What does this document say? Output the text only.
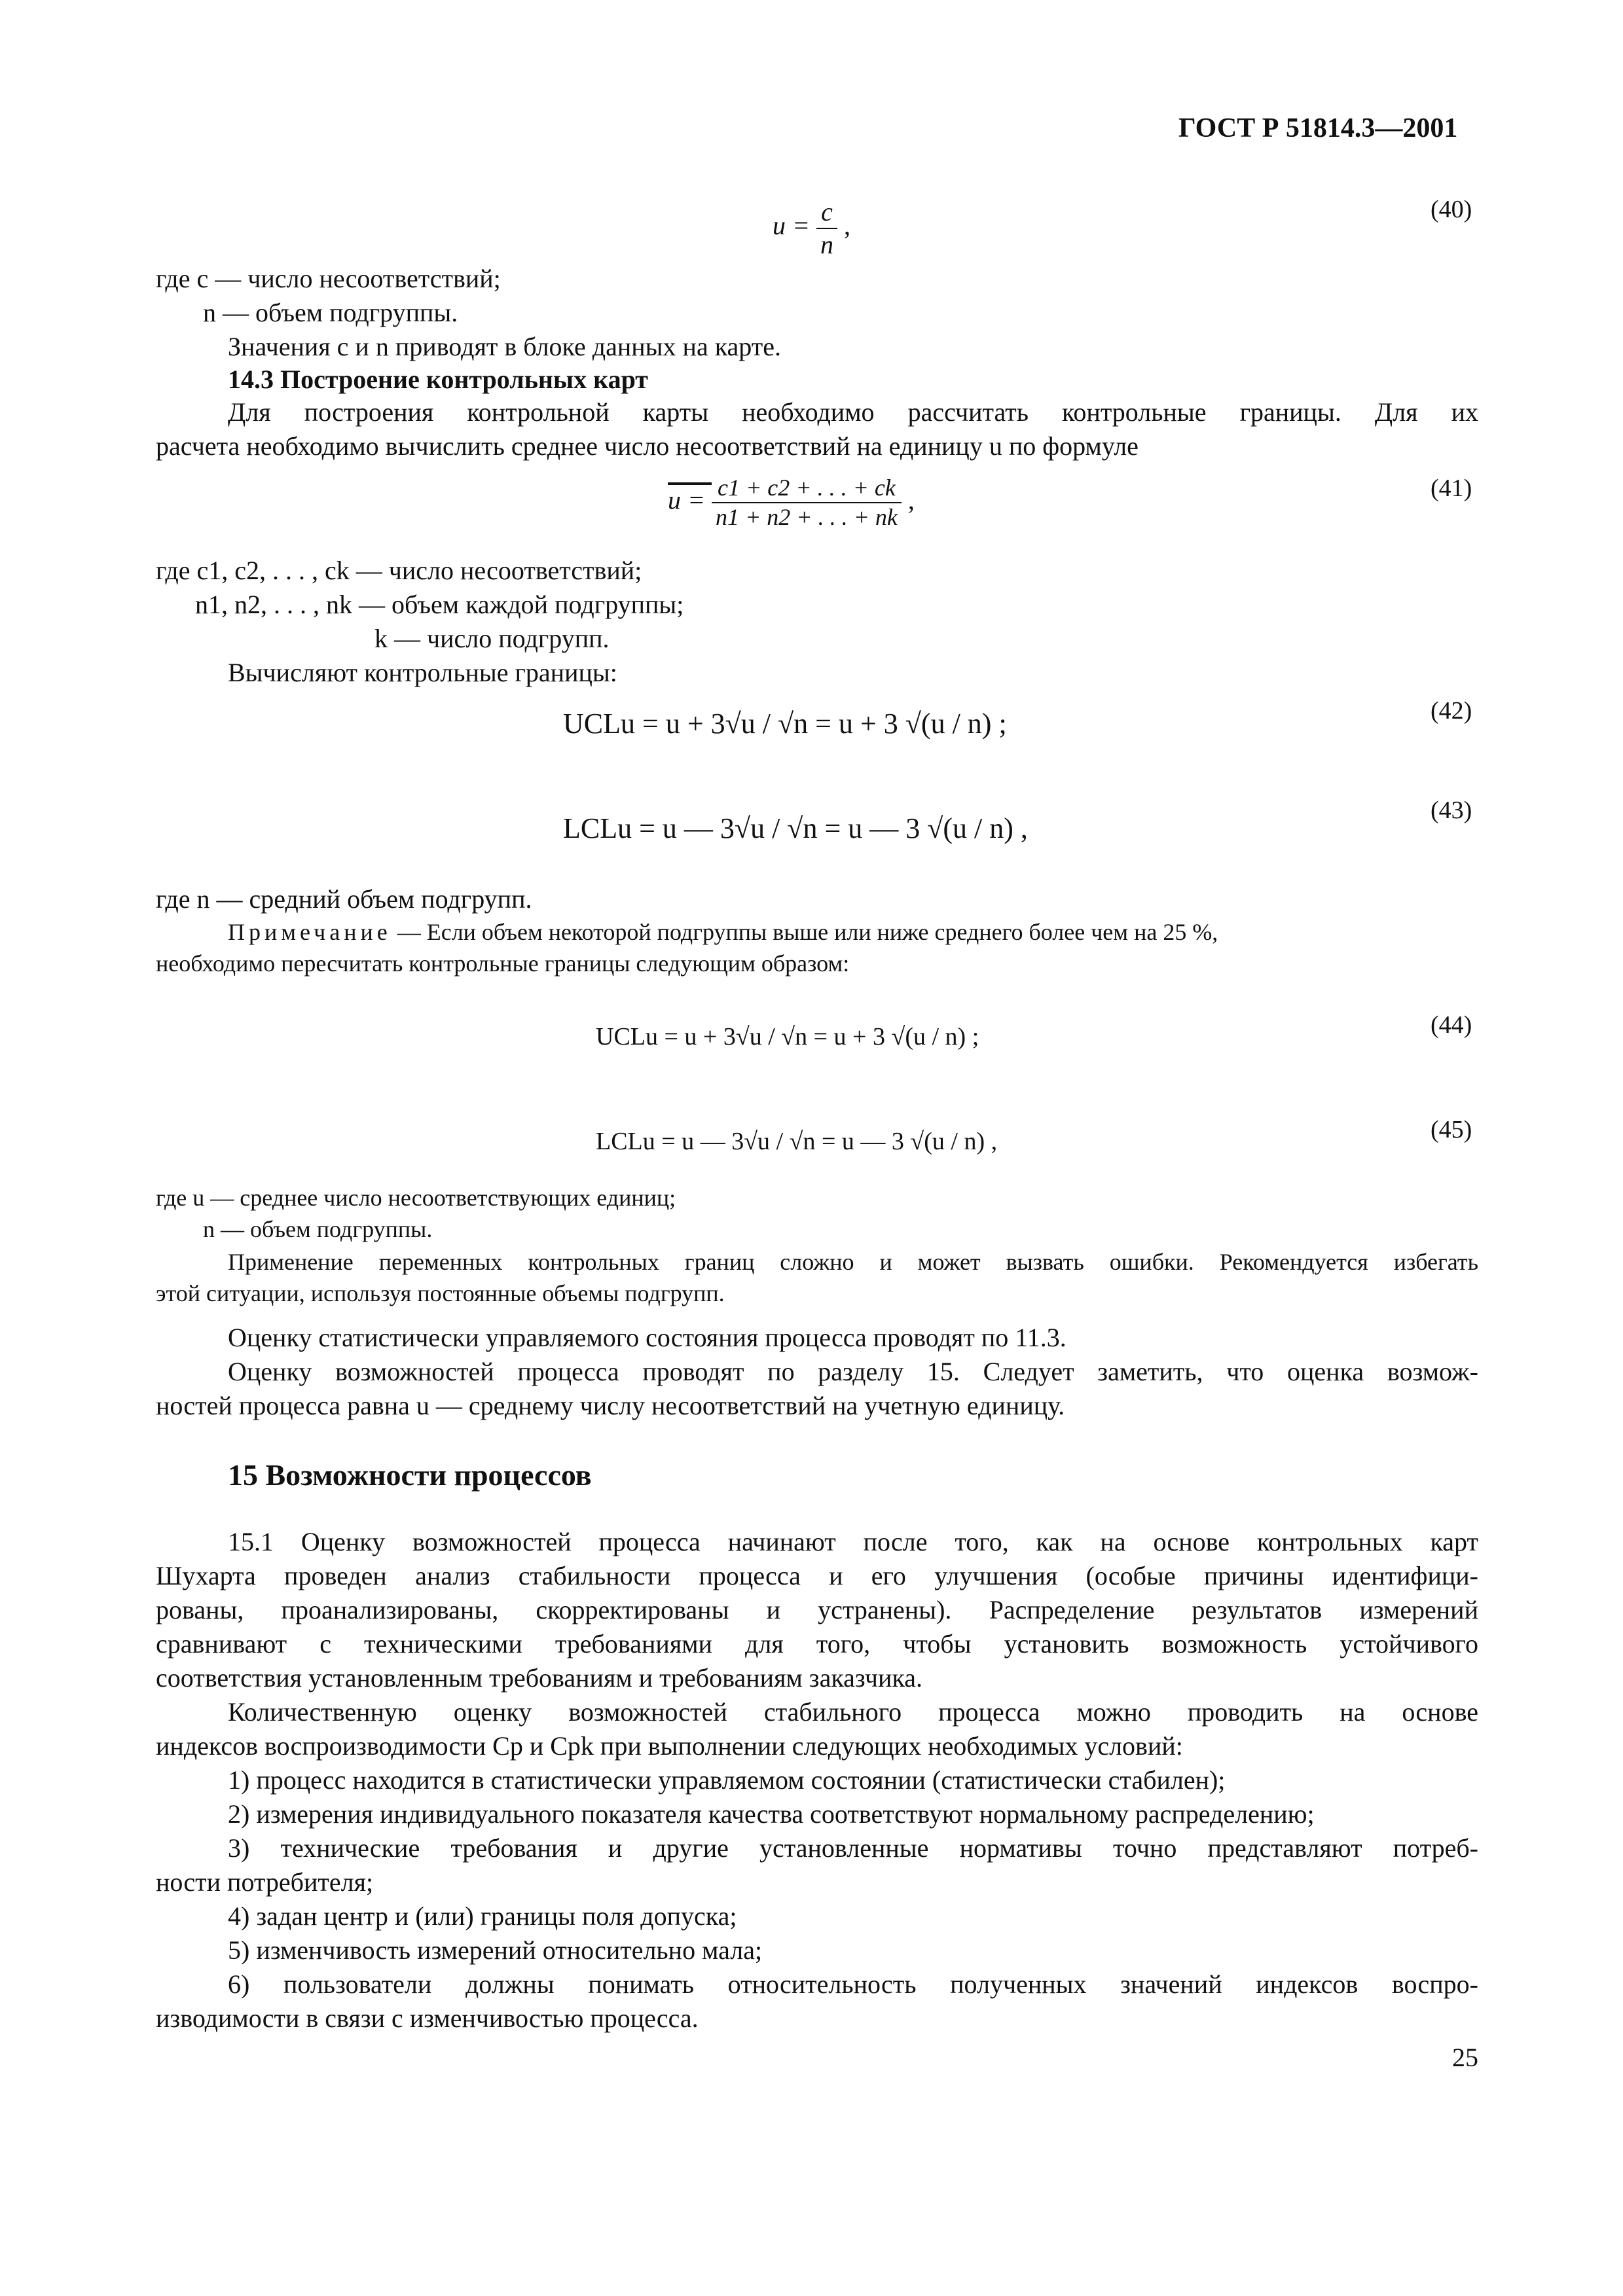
ГОСТ Р 51814.3—2001
$u = \frac{c}{n}$ ,
(40)
где c — число несоответствий;
n — объем подгруппы.
Значения c и n приводят в блоке данных на карте.
14.3 Построение контрольных карт
Для построения контрольной карты необходимо рассчитать контрольные границы. Для их
расчета необходимо вычислить среднее число несоответствий на единицу u по формуле
$u = \frac{c1 + c2 + . . . + ck}{n1 + n2 + . . . + nk}$ ,	(41)
где c1, c2, . . . , ck — число несоответствий;
n1, n2, . . . , nk — объем каждой подгруппы;
k — число подгрупп.
Вычисляют контрольные границы:
UCLu = u + 3√u / √n = u + 3 √(u / n) ;	(42)
LCLu = u — 3√u / √n = u — 3 √(u / n) ,
(43)
где n — средний объем подгрупп.
Примечание — Если объем некоторой подгруппы выше или ниже среднего более чем на 25 %,
необходимо пересчитать контрольные границы следующим образом:
UCLu = u + 3√u / √n = u + 3 √(u / n) ;	(44)
LCLu = u — 3√u / √n = u — 3 √(u / n) ,	(45)
где u — среднее число несоответствующих единиц;
n — объем подгруппы.
Применение переменных контрольных границ сложно и может вызвать ошибки. Рекомендуется избегать
этой ситуации, используя постоянные объемы подгрупп.
Оценку статистически управляемого состояния процесса проводят по 11.3.
Оценку возможностей процесса проводят по разделу 15. Следует заметить, что оценка возмож-
ностей процесса равна u — среднему числу несоответствий на учетную единицу.
15 Возможности процессов
15.1 Оценку возможностей процесса начинают после того, как на основе контрольных карт
Шухарта проведен анализ стабильности процесса и его улучшения (особые причины идентифици-
рованы, проанализированы, скорректированы и устранены). Распределение результатов измерений
сравнивают с техническими требованиями для того, чтобы установить возможность устойчивого
соответствия установленным требованиям и требованиям заказчика.
Количественную оценку возможностей стабильного процесса можно проводить на основе
индексов воспроизводимости Cp и Cpk при выполнении следующих необходимых условий:
1) процесс находится в статистически управляемом состоянии (статистически стабилен);
2) измерения индивидуального показателя качества соответствуют нормальному распределению;
3) технические требования и другие установленные нормативы точно представляют потреб-
ности потребителя;
4) задан центр и (или) границы поля допуска;
5) изменчивость измерений относительно мала;
6) пользователи должны понимать относительность полученных значений индексов воспро-
изводимости в связи с изменчивостью процесса.
25
